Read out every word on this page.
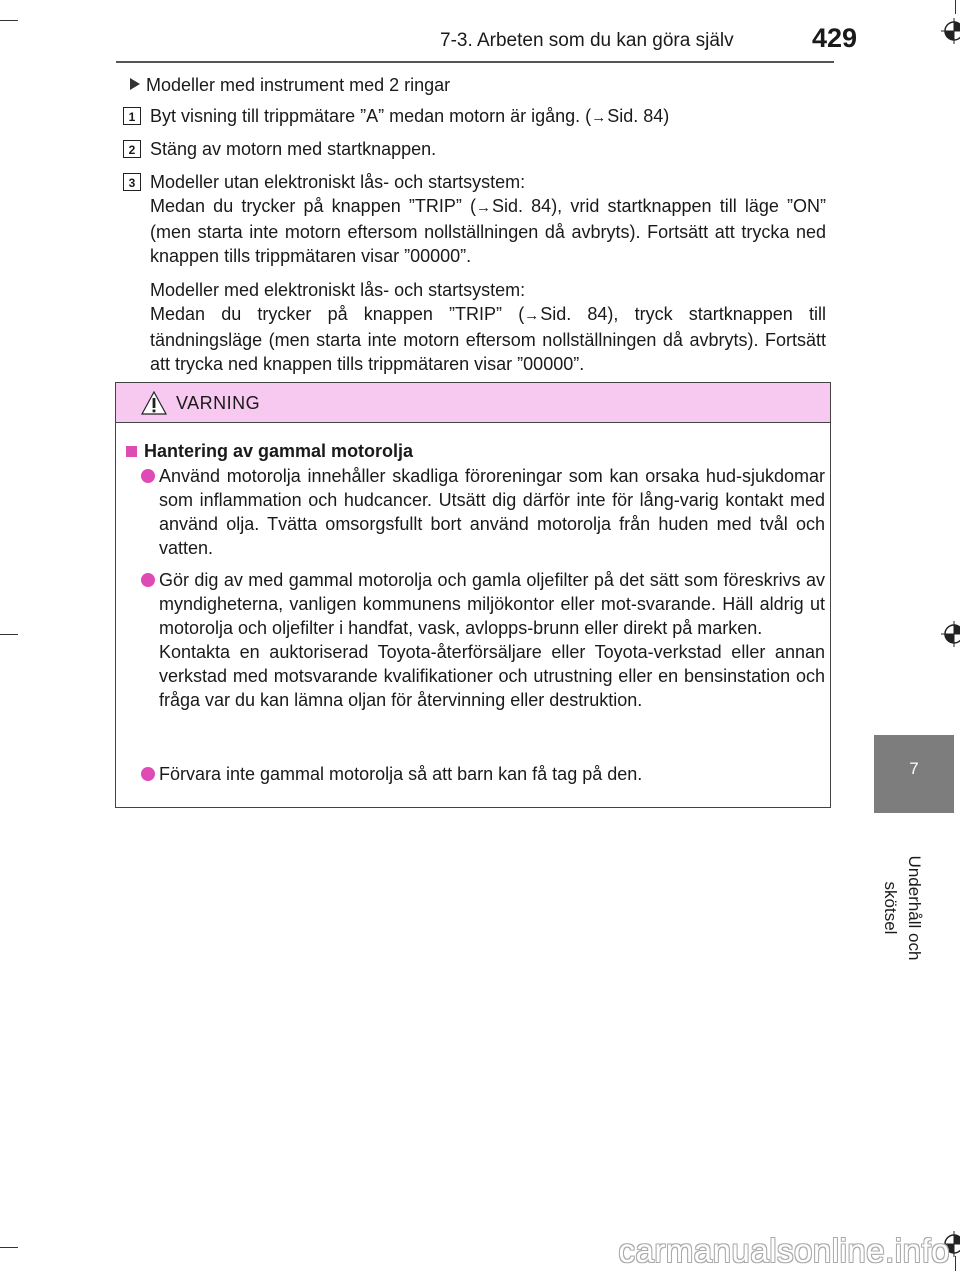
7-3. Arbeten som du kan göra själv	429
7
Underhåll och skötsel
Modeller med instrument med 2 ringar
1 Byt visning till trippmätare ”A” medan motorn är igång. (→Sid. 84)
2 Stäng av motorn med startknappen.
3 Modeller utan elektroniskt lås- och startsystem:
Medan du trycker på knappen ”TRIP” (→Sid. 84), vrid startknappen till läge ”ON” (men starta inte motorn eftersom nollställningen då avbryts). Fortsätt att trycka ned knappen tills trippmätaren visar ”00000”.

Modeller med elektroniskt lås- och startsystem:
Medan du trycker på knappen ”TRIP” (→Sid. 84), tryck startknappen till tändningsläge (men starta inte motorn eftersom nollställningen då avbryts). Fortsätt att trycka ned knappen tills trippmätaren visar ”00000”.

VARNING
Hantering av gammal motorolja
Använd motorolja innehåller skadliga föroreningar som kan orsaka hud-sjukdomar som inflammation och hudcancer. Utsätt dig därför inte för lång-varig kontakt med använd olja. Tvätta omsorgsfullt bort använd motorolja från huden med tvål och vatten.

Gör dig av med gammal motorolja och gamla oljefilter på det sätt som föreskrivs av myndigheterna, vanligen kommunens miljökontor eller mot-svarande. Häll aldrig ut motorolja och oljefilter i handfat, vask, avlopps-brunn eller direkt på marken.

Kontakta en auktoriserad Toyota-återförsäljare eller Toyota-verkstad eller annan verkstad med motsvarande kvalifikationer och utrustning eller en bensinstation och fråga var du kan lämna oljan för återvinning eller destruktion.

Förvara inte gammal motorolja så att barn kan få tag på den.
carmanualsonline.info
